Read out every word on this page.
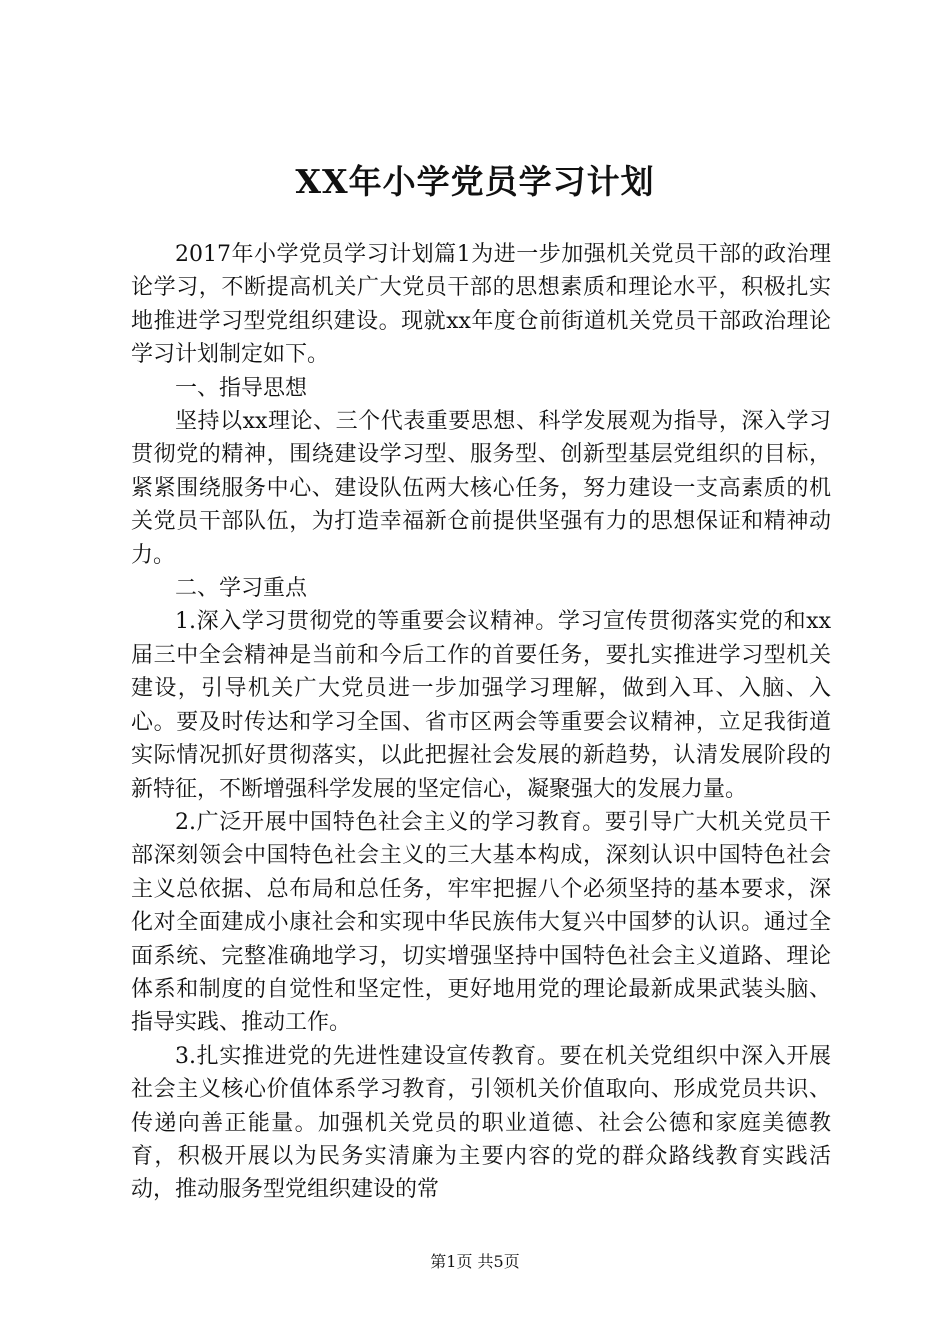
XX年小学党员学习计划

2017年小学党员学习计划篇1为进一步加强机关党员干部的政治理论学习，不断提高机关广大党员干部的思想素质和理论水平，积极扎实地推进学习型党组织建设。现就xx年度仓前街道机关党员干部政治理论学习计划制定如下。

一、指导思想

坚持以xx理论、三个代表重要思想、科学发展观为指导，深入学习贯彻党的精神，围绕建设学习型、服务型、创新型基层党组织的目标，紧紧围绕服务中心、建设队伍两大核心任务，努力建设一支高素质的机关党员干部队伍，为打造幸福新仓前提供坚强有力的思想保证和精神动力。

二、学习重点

1.深入学习贯彻党的等重要会议精神。学习宣传贯彻落实党的和xx届三中全会精神是当前和今后工作的首要任务，要扎实推进学习型机关建设，引导机关广大党员进一步加强学习理解，做到入耳、入脑、入心。要及时传达和学习全国、省市区两会等重要会议精神，立足我街道实际情况抓好贯彻落实，以此把握社会发展的新趋势，认清发展阶段的新特征，不断增强科学发展的坚定信心，凝聚强大的发展力量。

2.广泛开展中国特色社会主义的学习教育。要引导广大机关党员干部深刻领会中国特色社会主义的三大基本构成，深刻认识中国特色社会主义总依据、总布局和总任务，牢牢把握八个必须坚持的基本要求，深化对全面建成小康社会和实现中华民族伟大复兴中国梦的认识。通过全面系统、完整准确地学习，切实增强坚持中国特色社会主义道路、理论体系和制度的自觉性和坚定性，更好地用党的理论最新成果武装头脑、指导实践、推动工作。

3.扎实推进党的先进性建设宣传教育。要在机关党组织中深入开展社会主义核心价值体系学习教育，引领机关价值取向、形成党员共识、传递向善正能量。加强机关党员的职业道德、社会公德和家庭美德教育，积极开展以为民务实清廉为主要内容的党的群众路线教育实践活动，推动服务型党组织建设的常

第1页 共5页
